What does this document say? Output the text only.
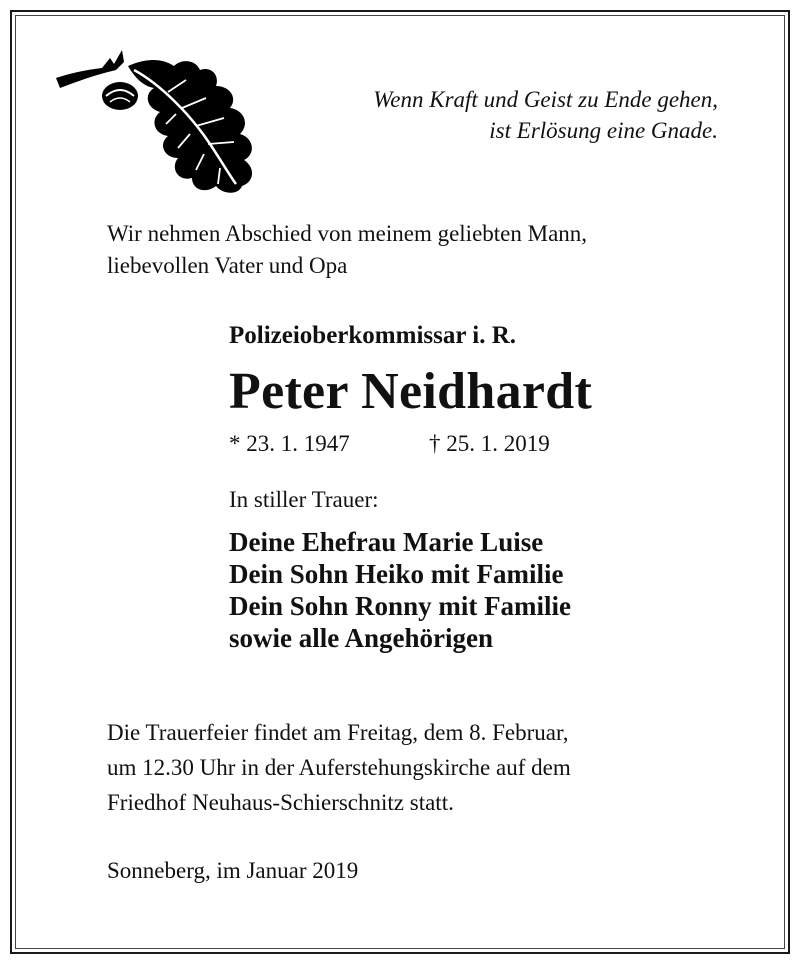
Wenn Kraft und Geist zu Ende gehen,
ist Erlösung eine Gnade.
Wir nehmen Abschied von meinem geliebten Mann,
liebevollen Vater und Opa
Polizeioberkommissar i. R.
Peter Neidhardt
* 23. 1. 1947	† 25. 1. 2019
In stiller Trauer:
Deine Ehefrau Marie Luise
Dein Sohn Heiko mit Familie
Dein Sohn Ronny mit Familie
sowie alle Angehörigen
Die Trauerfeier findet am Freitag, dem 8. Februar,
um 12.30 Uhr in der Auferstehungskirche auf dem
Friedhof Neuhaus-Schierschnitz statt.
Sonneberg, im Januar 2019
